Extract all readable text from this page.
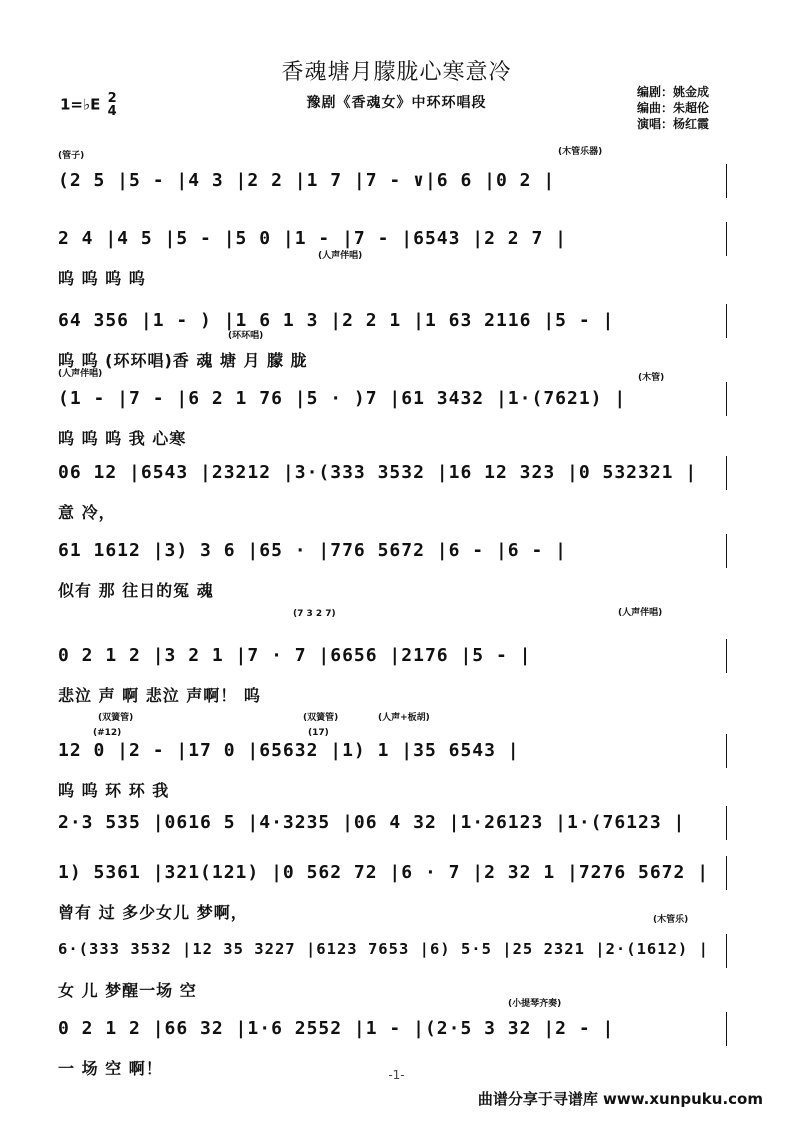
香魂塘月朦胧心寒意冷
豫剧《香魂女》中环环唱段
1=♭E 2
4
编剧：姚金成
编曲：朱超伦
演唱：杨红霞
(2 5 |5 - |4 3 |2 2 |1 7 |7 - ∨|6 6 |0 2 |
(管子)	(木管乐器)
2 4 |4 5 |5 - |5 0 |1 - |7 - |6543 |2 2 7 |
呜 呜 呜 呜
(人声伴唱)
64 356 |1 - ) |1 6 1 3 |2 2 1 |1 63 2116 |5 - |
呜 呜 (环环唱)香 魂 塘 月 朦 胧
(环环唱)
(1 - |7 - |6 2 1 76 |5 · )7 |61 3432 |1·(7621) |
呜 呜 呜 我 心寒
(人声伴唱)	(木管)
06 12 |6543 |23212 |3·(333 3532 |16 12 323 |0 532321 |
意 冷，
61 1612 |3) 3 6 |65 · |776 5672 |6 - |6 - |
似有 那 往日的冤 魂
0 2 1 2 |3 2 1 |7 · 7 |6656 |2176 |5 - |
悲泣 声 啊 悲泣 声啊！ 呜
(7 3 2 7)	(人声伴唱)
12 0 |2 - |17 0 |65632 |1) 1 |35 6543 |
呜 呜 环 环 我
(双簧管)
(#12)
(双簧管)
(17)
(人声+板胡)
2·3 535 |0616 5 |4·3235 |06 4 32 |1·26123 |1·(76123 |
1) 5361 |321(121) |0 562 72 |6 · 7 |2 32 1 |7276 5672 |
曾有 过 多少女儿 梦啊，
6·(333 3532 |12 35 3227 |6123 7653 |6) 5·5 |25 2321 |2·(1612) |
女 儿 梦醒一场 空
(木管乐)
0 2 1 2 |66 32 |1·6 2552 |1 - |(2·5 3 32 |2 - |
一 场 空 啊！
(小提琴齐奏)
-1-
曲谱分享于寻谱库 www.xunpuku.com
